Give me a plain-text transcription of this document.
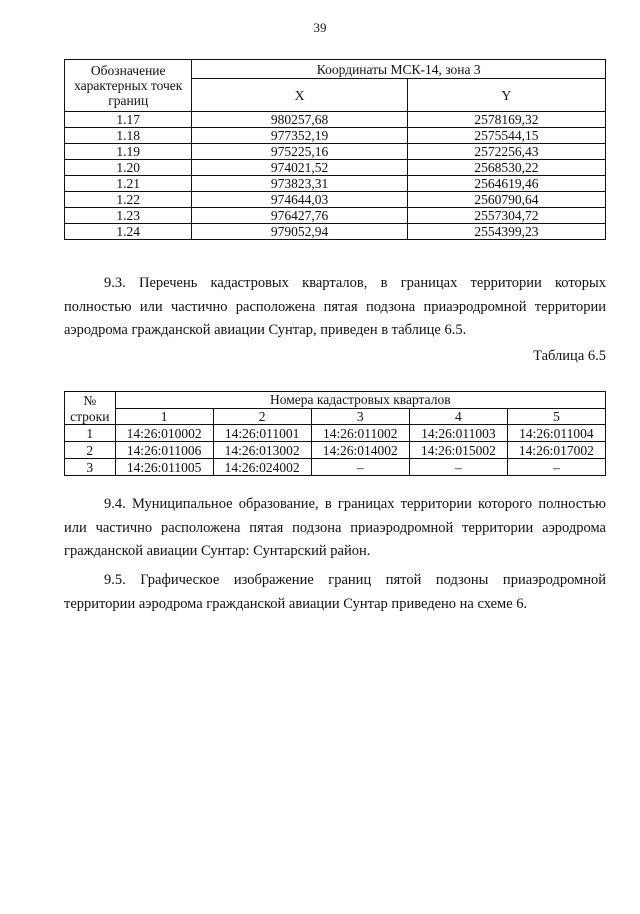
39
Обозначение характерных точек границ	Координаты МСК-14, зона 3	
	X	Y
1.17	980257,68	2578169,32
1.18	977352,19	2575544,15
1.19	975225,16	2572256,43
1.20	974021,52	2568530,22
1.21	973823,31	2564619,46
1.22	974644,03	2560790,64
1.23	976427,76	2557304,72
1.24	979052,94	2554399,23

9.3. Перечень кадастровых кварталов, в границах территории которых полностью или частично расположена пятая подзона приаэродромной территории аэродрома гражданской авиации Сунтар, приведен в таблице 6.5.

Таблица 6.5
№	Номера кадастровых кварталов				
строки	1	2	3	4	5
1	14:26:010002	14:26:011001	14:26:011002	14:26:011003	14:26:011004
2	14:26:011006	14:26:013002	14:26:014002	14:26:015002	14:26:017002
3	14:26:011005	14:26:024002	–	–	–

9.4. Муниципальное образование, в границах территории которого полностью или частично расположена пятая подзона приаэродромной территории аэродрома гражданской авиации Сунтар: Сунтарский район.

9.5. Графическое изображение границ пятой подзоны приаэродромной территории аэродрома гражданской авиации Сунтар приведено на схеме 6.
